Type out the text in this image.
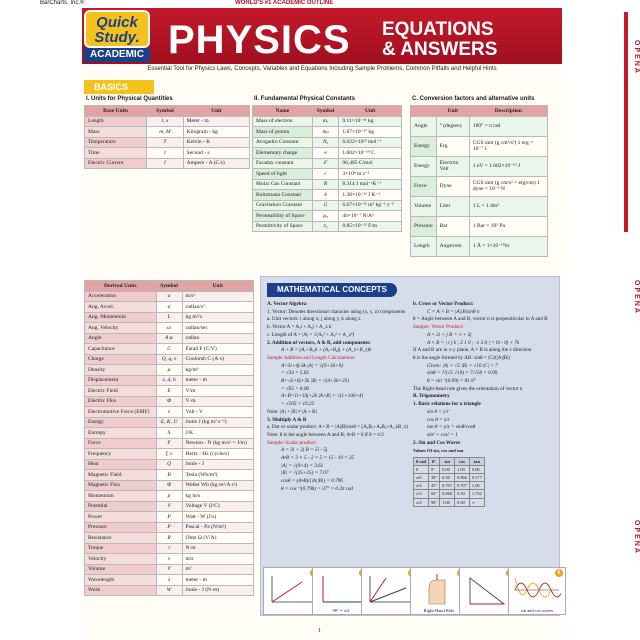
BarCharts, Inc.®	WORLD'S #1 ACADEMIC OUTLINE
Quick
Study.
ACADEMIC PHYSICS EQUATIONS
& ANSWERS
Essential Tool for Physics Laws, Concepts, Variables and Equations Including Sample Problems, Common Pitfalls and Helpful Hints
BASICS
I. Units for Physical Quantities
Base Units	Symbol	Unit
Length	l, x	Meter - m
Mass	m, M	Kilogram - kg
Temperature	T	Kelvin - K
Time	t	Second - s
Electric Current	I	Ampere - A (C/s)
II. Fundamental Physical Constants
Name	Symbol	Unit
Mass of electron	mₑ	9.11×10⁻³¹ kg
Mass of proton	mₚ	1.67×10⁻²⁷ kg
Avogadro Constant	Nₐ	6.022×10²³ mol⁻¹
Elementary charge	e	1.602×10⁻¹⁹ C
Faraday constant	F	96,485 C/mol
Speed of light	c	3×10⁸ m s⁻¹
Molar Gas Constant	R	8.314 J mol⁻¹K⁻¹
Boltzmann Constant	k	1.38×10⁻²³ J K⁻¹
Gravitation Constant	G	6.67×10⁻¹¹ m³ kg⁻¹ s⁻²
Permeability of Space	μ₀	4π×10⁻⁷ N/A²
Permittivity of Space	ε₀	8.85×10⁻¹² F/m
C. Conversion factors and alternative units
	Unit	Description
Angle	° (degree)	180° = π rad
Energy	Erg	CGS unit (g cm²/s²) 1 erg = 10⁻⁷ J
Energy	Electron Volt	1 eV = 1.602×10⁻¹⁹ J
Force	Dyne	CGS unit (g cm/s² = erg/cm) 1 dyne = 10⁻⁵ N
Volume	Liter	1 L = 1 dm³
Pressure	Bar	1 Bar = 10⁵ Pa
Length	Angstrom	1 Å = 1×10⁻¹⁰m
Derived Units	Symbol	Unit
Acceleration	a	m/s²
Ang. Accel.	α	radian/s²
Ang. Momentum	L	kg m²/s
Ang. Velocity	ω	radian/sec
Angle	θ φ	radian
Capacitance	C	Farad F (C/V)
Charge	Q, q, e	Coulomb C (A·s)
Density	ρ	kg/m³
Displacement	x, d, h	meter - m
Electric Field	E	V/m
Electric Flux	Φ	V·m
Electromotive Force (EMF)	ε	Volt - V
Energy	E, K, U	Joule J (kg m² s⁻²)
Entropy	S	J/K
Force	F	Newton - N (kg m/s² = J/m)
Frequency	f, ν	Hertz - Hz (cycle/s)
Heat	Q	Joule - J
Magnetic Field	B	Tesla (Wb/m²)
Magnetic Flux	Φ	Weber Wb (kg m²/A s²)
Momentum	p	kg m/s
Potential	V	Voltage V (J/C)
Power	P	Watt - W (J/s)
Pressure	P	Pascal - Pa (N/m²)
Resistance	R	Ohm Ω (V/A)
Torque	τ	N·m
Velocity	v	m/s
Volume	V	m³
Wavelength	λ	meter - m
Work	W	Joule - J (N·m)
MATHEMATICAL CONCEPTS

A. Vector Algebra

1. Vector: Denotes directional character using (x, y, z) components

a. Unit vectors: i along x; j along y, k along z

b. Vector A = Aₓi + Aᵧj + A_z k

c. Length of A = |A| = √(Aₓ² + Aᵧ² + A_z²)

2. Addition of vectors, A & B, add components:

A + B = (Aₓ+Bₓ)i + (Aᵧ+Bᵧ)j + (A_z+B_z)k

Sample Addition and Length Calculations:

A=3i+4j-3k |A| = √(9+16+9)

= √34 = 5.83

B=-2i+6j+5k |B| = √(4+36+25)

= √65 = 8.06

A+B=1i+10j+2k |A+B| = √(1+100+4)

= √105 = 10.25

Note: |A| + |B| ≠ |A + B|

3. Multiply A & B

a. Dot or scalar product: A • B = |A||B|cosθ = (AₓBₓ+AᵧBᵧ+A_zB_z)

Note: θ is the angle between A and B; A•B = 0 if θ = π/2

Sample: Scalar product:

A = 3i + 2j B = 5i - 5j

A•B = 3 × 5 - 2 × 5 = 15 - 10 = 25

|A| = √(9+4) = 3.61

|B| = √(25+25) = 7.07

cosθ = (A•B)/(|A||B|) = 0.796

θ = cos⁻¹(0.796) = 37° = 0.2π rad

b. Cross or Vector Product:

C = A × B = |A||B|sinθ n

θ = Angle between A and B, vector n is perpendicular to A and B

Sample: Vector Product:

A = 2i + j B = -i + 3j

A × B = | i j k ; 2 1 0 ; -1 3 0 | = 0i - 0j + 7k

If A and B are in x-y plane, A × B is along the z direction

θ is the angle formed by AB: sinθ = |C|/(|A||B|)

Given: |A| = √5 |B| = √10 |C| = 7

sinθ = 7/(√5 √10) = 7/√50 = 0.99

θ = sin⁻¹(0.99) = 81.9°

The Right-hand rule gives the orientation of vector n

B. Trigonometry

1. Basic relations for a triangle

sin θ = y/r

cos θ = x/r

tan θ = y/x = sinθ/cosθ

sin² + cos² = 1

2. Sin and Cos Waves

Values Of sin, cos and tan
θ rad	θ°	sin	cos	tan
0	0°	0.00	1.00	0.00
π/6	30°	0.50	0.866	0.577
π/4	45°	0.707	0.707	1.00
π/3	60°	0.866	0.50	1.732
π/2	90°	1.00	0.00	∞
90° = π/2	Right-Hand Rule
6
sin and cos waves
1
OPENA
OPENA
OPENA
